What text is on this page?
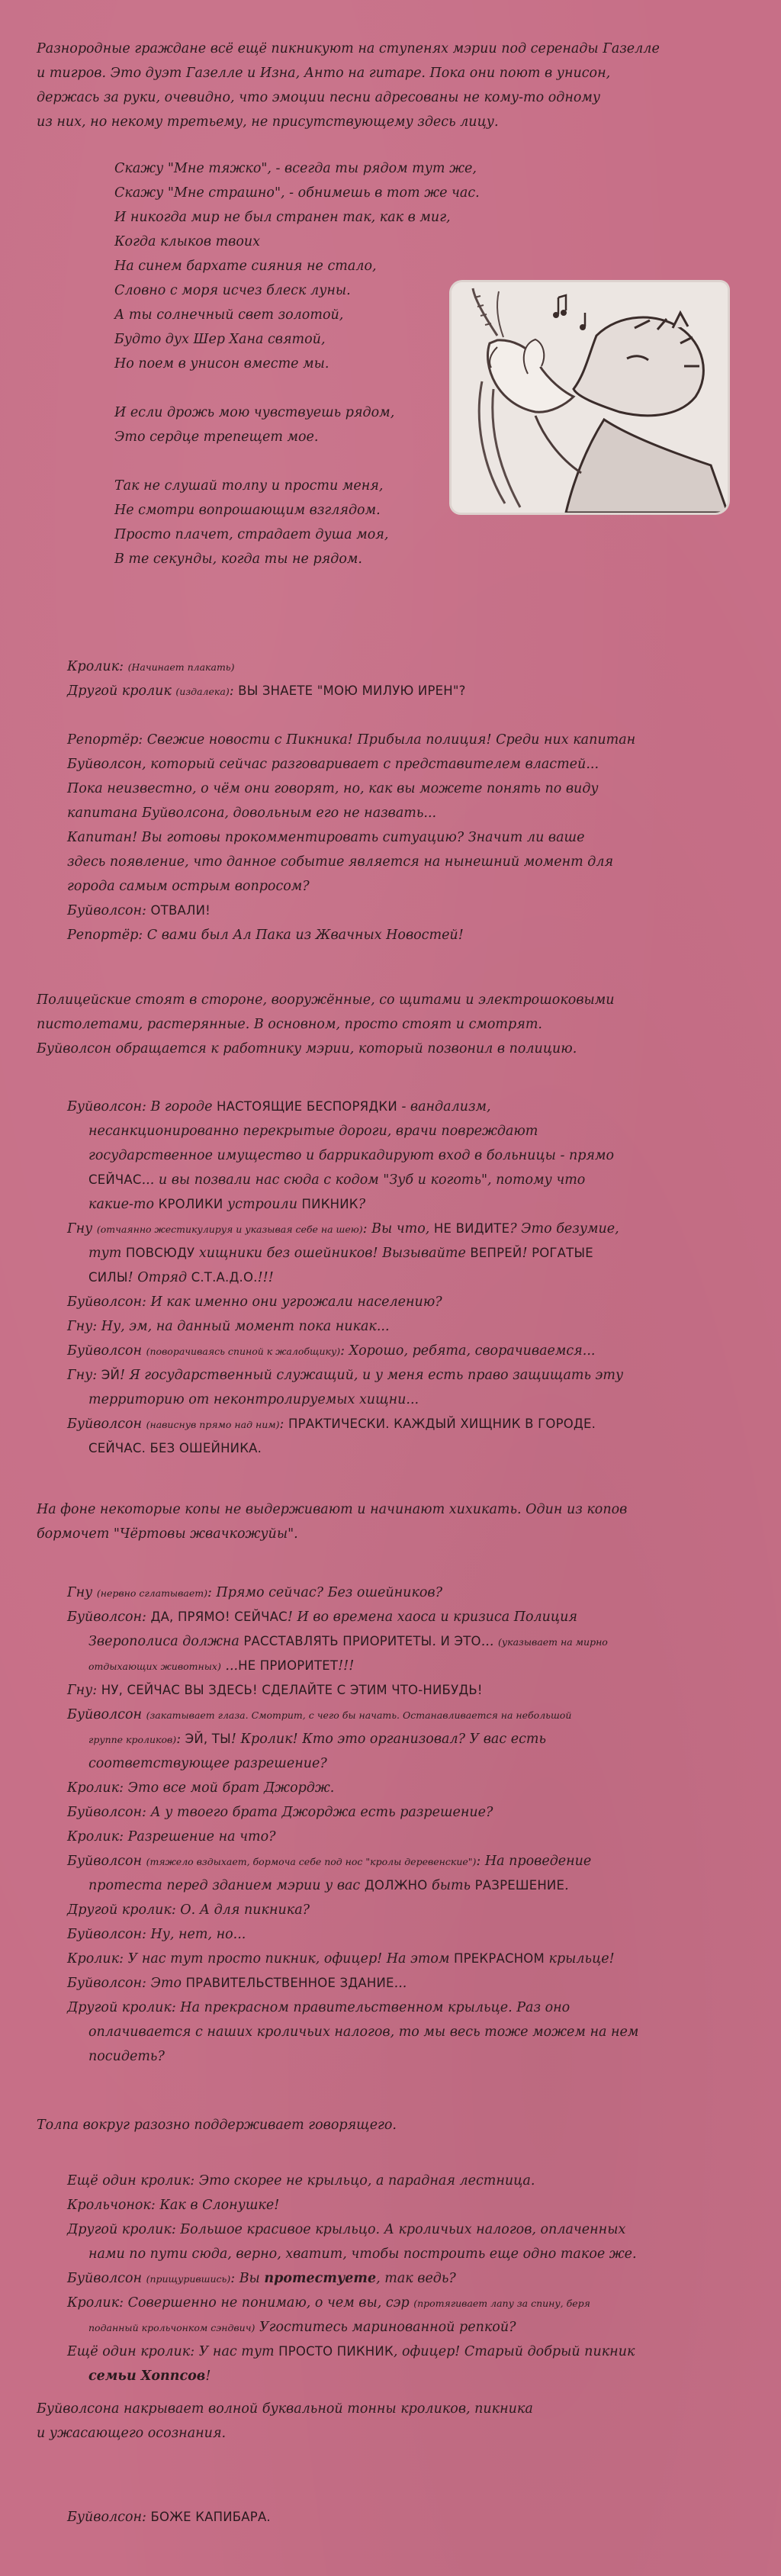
Разнородные граждане всё ещё пикникуют на ступенях мэрии под серенады Газелле
и тигров. Это дуэт Газелле и Изна, Анто на гитаре. Пока они поют в унисон,
держась за руки, очевидно, что эмоции песни адресованы не кому-то одному
из них, но некому третьему, не присутствующему здесь лицу.
Скажу "Мне тяжко", - всегда ты рядом тут же,
Скажу "Мне страшно", - обнимешь в тот же час.
И никогда мир не был странен так, как в миг,
Когда клыков твоих
На синем бархате сияния не стало,
Словно с моря исчез блеск луны.
А ты солнечный свет золотой,
Будто дух Шер Хана святой,
Но поем в унисон вместе мы.
И если дрожь мою чувствуешь рядом,
Это сердце трепещет мое.
Так не слушай толпу и прости меня,
Не смотри вопрошающим взглядом.
Просто плачет, страдает душа моя,
В те секунды, когда ты не рядом.
Кролик: (Начинает плакать)
Другой кролик (издалека): ВЫ ЗНАЕТЕ "МОЮ МИЛУЮ ИРЕН"?
Репортёр: Свежие новости с Пикника! Прибыла полиция! Среди них капитан
Буйволсон, который сейчас разговаривает с представителем властей...
Пока неизвестно, о чём они говорят, но, как вы можете понять по виду
капитана Буйволсона, довольным его не назвать...
Капитан! Вы готовы прокомментировать ситуацию? Значит ли ваше
здесь появление, что данное событие является на нынешний момент для
города самым острым вопросом?
Буйволсон: ОТВАЛИ!
Репортёр: С вами был Ал Пака из Жвачных Новостей!
Полицейские стоят в стороне, вооружённые, со щитами и электрошоковыми
пистолетами, растерянные. В основном, просто стоят и смотрят.
Буйволсон обращается к работнику мэрии, который позвонил в полицию.
Буйволсон: В городе НАСТОЯЩИЕ БЕСПОРЯДКИ - вандализм,
несанкционированно перекрытые дороги, врачи повреждают
государственное имущество и баррикадируют вход в больницы - прямо
СЕЙЧАС... и вы позвали нас сюда с кодом "Зуб и коготь", потому что
какие-то КРОЛИКИ устроили ПИКНИК?
Гну (отчаянно жестикулируя и указывая себе на шею): Вы что, НЕ ВИДИТЕ? Это безумие,
тут ПОВСЮДУ хищники без ошейников! Вызывайте ВЕПРЕЙ! РОГАТЫЕ
СИЛЫ! Отряд С.Т.А.Д.О.!!!
Буйволсон: И как именно они угрожали населению?
Гну: Ну, эм, на данный момент пока никак...
Буйволсон (поворачиваясь спиной к жалобщику): Хорошо, ребята, сворачиваемся...
Гну: ЭЙ! Я государственный служащий, и у меня есть право защищать эту
территорию от неконтролируемых хищни...
Буйволсон (нависнув прямо над ним): ПРАКТИЧЕСКИ. КАЖДЫЙ ХИЩНИК В ГОРОДЕ.
СЕЙЧАС. БЕЗ ОШЕЙНИКА.
На фоне некоторые копы не выдерживают и начинают хихикать. Один из копов
бормочет "Чёртовы жвачкожуйы".
Гну (нервно сглатывает): Прямо сейчас? Без ошейников?
Буйволсон: ДА, ПРЯМО! СЕЙЧАС! И во времена хаоса и кризиса Полиция
Зверополиса должна РАССТАВЛЯТЬ ПРИОРИТЕТЫ. И ЭТО... (указывает на мирно
отдыхающих животных) ...НЕ ПРИОРИТЕТ!!!
Гну: НУ, СЕЙЧАС ВЫ ЗДЕСЬ! СДЕЛАЙТЕ С ЭТИМ ЧТО-НИБУДЬ!
Буйволсон (закатывает глаза. Смотрит, с чего бы начать. Останавливается на небольшой
группе кроликов): ЭЙ, ТЫ! Кролик! Кто это организовал? У вас есть
соответствующее разрешение?
Кролик: Это все мой брат Джордж.
Буйволсон: А у твоего брата Джорджа есть разрешение?
Кролик: Разрешение на что?
Буйволсон (тяжело вздыхает, бормоча себе под нос "кролы деревенские"): На проведение
протеста перед зданием мэрии у вас ДОЛЖНО быть РАЗРЕШЕНИЕ.
Другой кролик: О. А для пикника?
Буйволсон: Ну, нет, но...
Кролик: У нас тут просто пикник, офицер! На этом ПРЕКРАСНОМ крыльце!
Буйволсон: Это ПРАВИТЕЛЬСТВЕННОЕ ЗДАНИЕ...
Другой кролик: На прекрасном правительственном крыльце. Раз оно
оплачивается с наших кроличьих налогов, то мы весь тоже можем на нем
посидеть?
Толпа вокруг разозно поддерживает говорящего.
Ещё один кролик: Это скорее не крыльцо, а парадная лестница.
Крольчонок: Как в Слонушке!
Другой кролик: Большое красивое крыльцо. А кроличьих налогов, оплаченных
нами по пути сюда, верно, хватит, чтобы построить еще одно такое же.
Буйволсон (прищурившись): Вы протестуете, так ведь?
Кролик: Совершенно не понимаю, о чем вы, сэр (протягивает лапу за спину, беря
поданный крольчонком сэндвич) Угоститесь маринованной репкой?
Ещё один кролик: У нас тут ПРОСТО ПИКНИК, офицер! Старый добрый пикник
семьи Хоппсов!
Буйволсона накрывает волной буквальной тонны кроликов, пикника
и ужасающего осознания.
Буйволсон: БОЖЕ КАПИБАРА.
